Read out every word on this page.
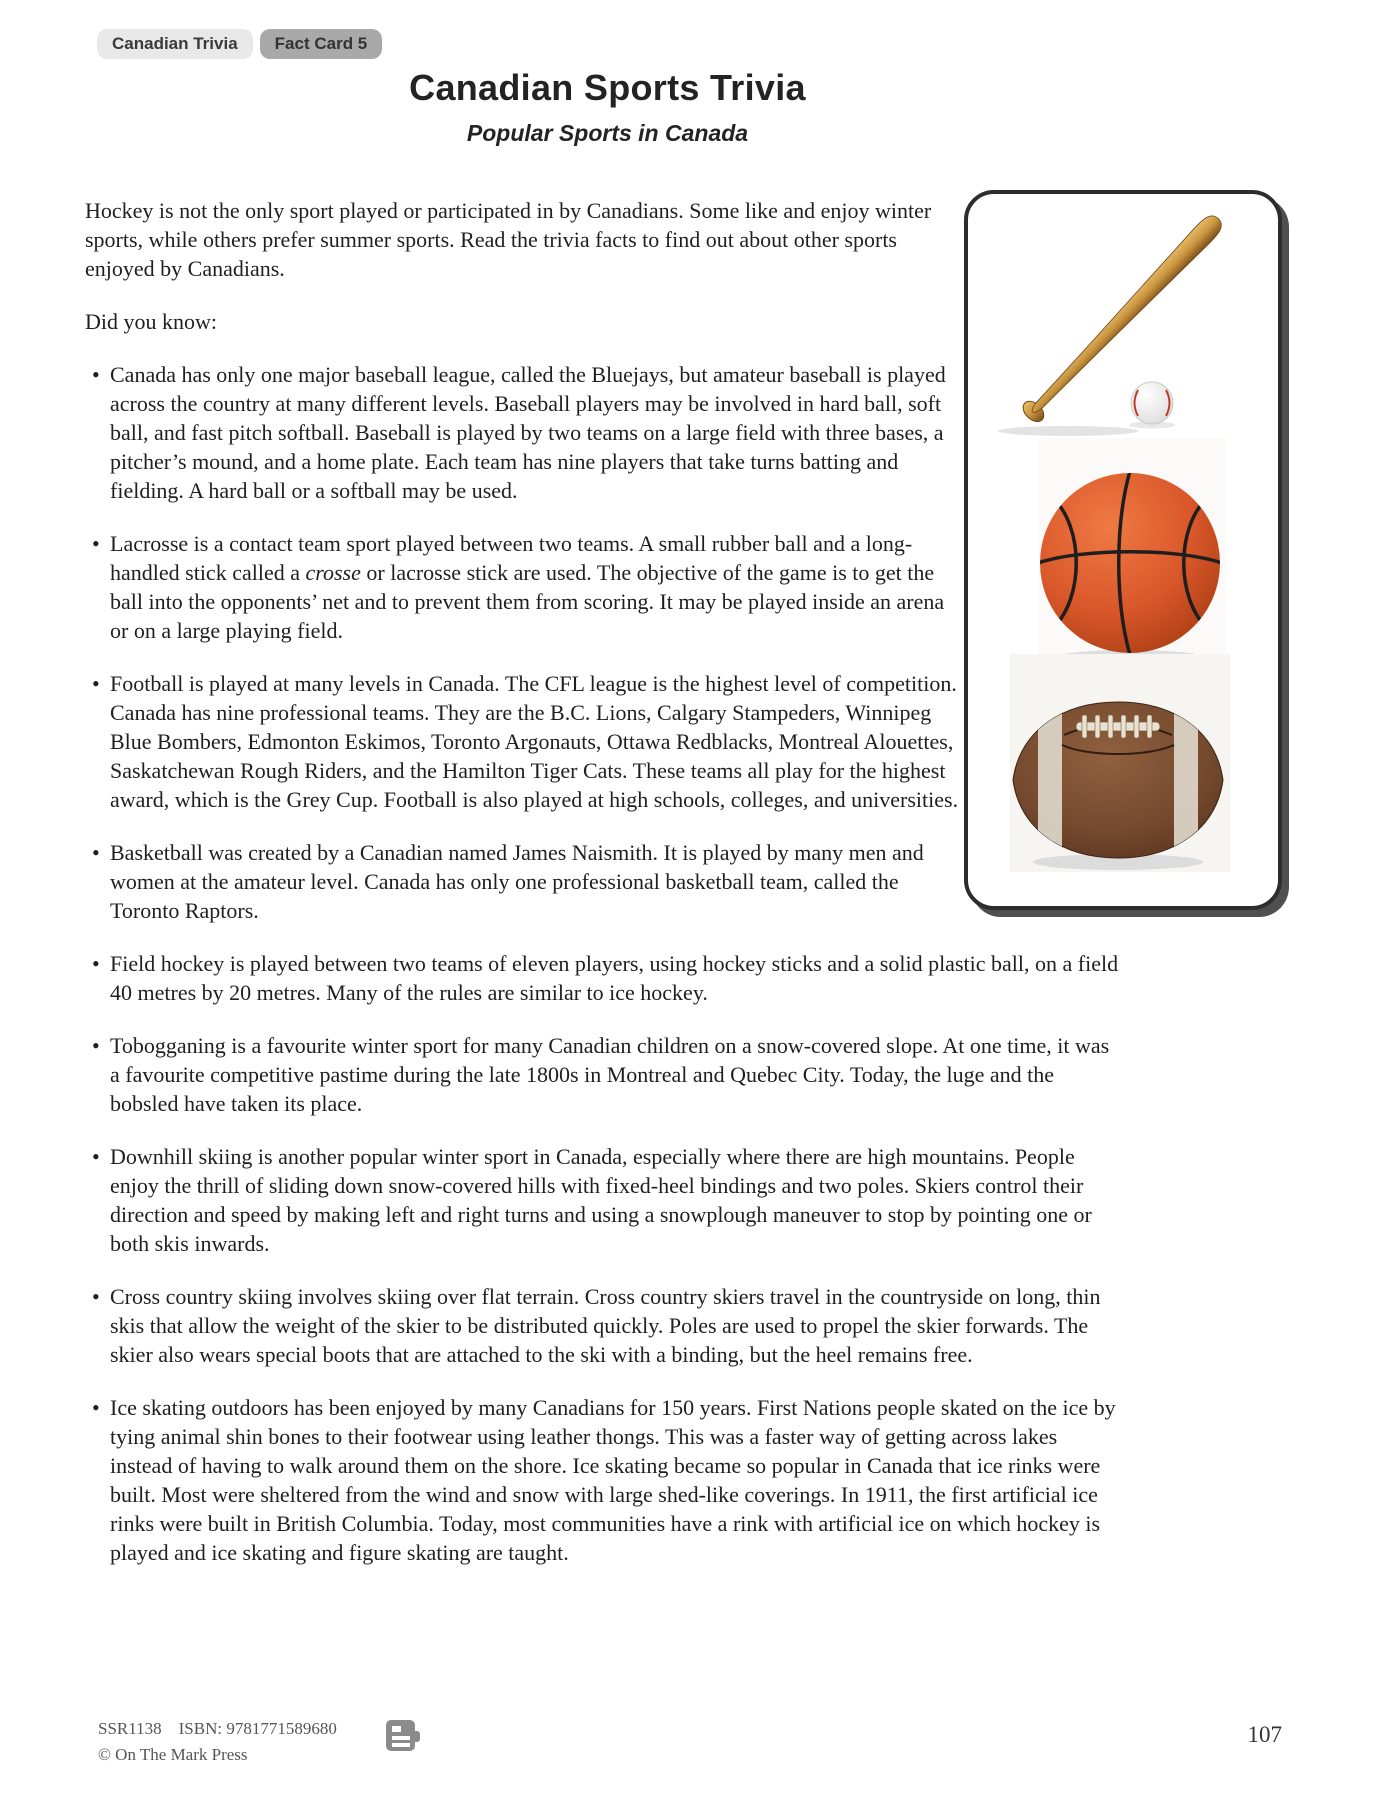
Canadian Trivia	Fact Card 5
Canadian Sports Trivia
Popular Sports in Canada

Hockey is not the only sport played or participated in by Canadians. Some like and enjoy winter sports, while others prefer summer sports. Read the trivia facts to find out about other sports enjoyed by Canadians.

Did you know:

• Canada has only one major baseball league, called the Bluejays, but amateur baseball is played across the country at many different levels. Baseball players may be involved in hard ball, soft ball, and fast pitch softball. Baseball is played by two teams on a large field with three bases, a pitcher’s mound, and a home plate. Each team has nine players that take turns batting and fielding. A hard ball or a softball may be used.
• Lacrosse is a contact team sport played between two teams. A small rubber ball and a long-handled stick called a crosse or lacrosse stick are used. The objective of the game is to get the ball into the opponents’ net and to prevent them from scoring. It may be played inside an arena or on a large playing field.
• Football is played at many levels in Canada. The CFL league is the highest level of competition. Canada has nine professional teams. They are the B.C. Lions, Calgary Stampeders, Winnipeg Blue Bombers, Edmonton Eskimos, Toronto Argonauts, Ottawa Redblacks, Montreal Alouettes, Saskatchewan Rough Riders, and the Hamilton Tiger Cats. These teams all play for the highest award, which is the Grey Cup. Football is also played at high schools, colleges, and universities.
• Basketball was created by a Canadian named James Naismith. It is played by many men and women at the amateur level. Canada has only one professional basketball team, called the Toronto Raptors.
• Field hockey is played between two teams of eleven players, using hockey sticks and a solid plastic ball, on a field 40 metres by 20 metres. Many of the rules are similar to ice hockey.
• Tobogganing is a favourite winter sport for many Canadian children on a snow-covered slope. At one time, it was a favourite competitive pastime during the late 1800s in Montreal and Quebec City. Today, the luge and the bobsled have taken its place.
• Downhill skiing is another popular winter sport in Canada, especially where there are high mountains. People enjoy the thrill of sliding down snow-covered hills with fixed-heel bindings and two poles. Skiers control their direction and speed by making left and right turns and using a snowplough maneuver to stop by pointing one or both skis inwards.
• Cross country skiing involves skiing over flat terrain. Cross country skiers travel in the countryside on long, thin skis that allow the weight of the skier to be distributed quickly. Poles are used to propel the skier forwards. The skier also wears special boots that are attached to the ski with a binding, but the heel remains free.
• Ice skating outdoors has been enjoyed by many Canadians for 150 years. First Nations people skated on the ice by tying animal shin bones to their footwear using leather thongs. This was a faster way of getting across lakes instead of having to walk around them on the shore. Ice skating became so popular in Canada that ice rinks were built. Most were sheltered from the wind and snow with large shed-like coverings. In 1911, the first artificial ice rinks were built in British Columbia. Today, most communities have a rink with artificial ice on which hockey is played and ice skating and figure skating are taught.
SSR1138 ISBN: 9781771589680
© On The Mark Press
107
